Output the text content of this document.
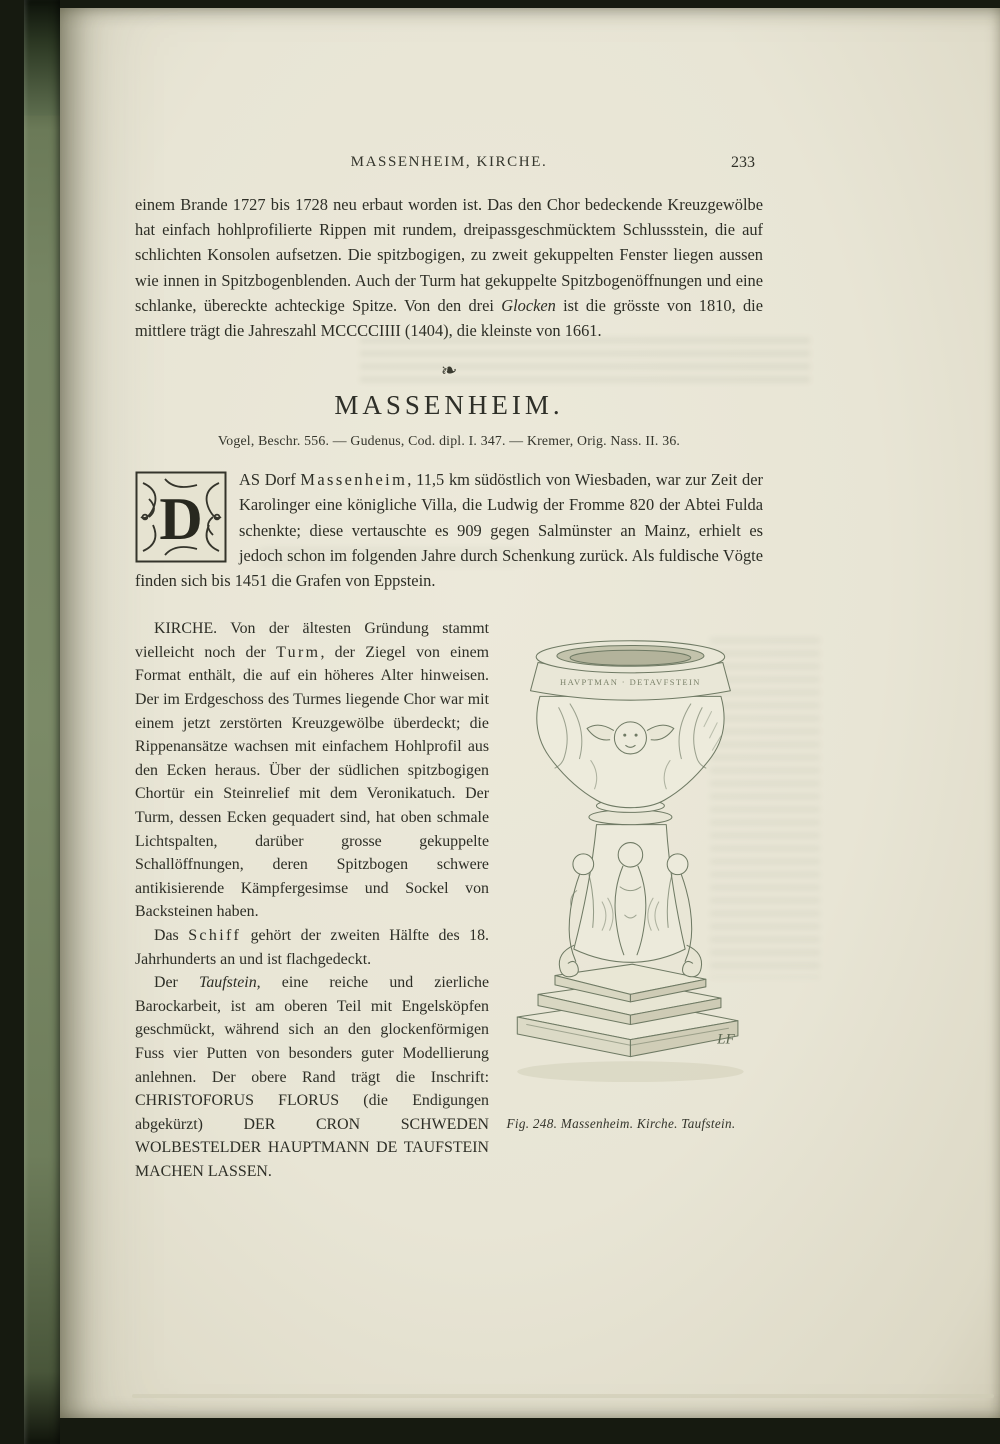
MASSENHEIM, KIRCHE.	233

einem Brande 1727 bis 1728 neu erbaut worden ist. Das den Chor bedeckende Kreuzgewölbe hat einfach hohlprofilierte Rippen mit rundem, dreipassgeschmücktem Schlussstein, die auf schlichten Konsolen aufsetzen. Die spitzbogigen, zu zweit gekuppelten Fenster liegen aussen wie innen in Spitzbogenblenden. Auch der Turm hat gekuppelte Spitzbogenöffnungen und eine schlanke, übereckte achteckige Spitze. Von den drei Glocken ist die grösste von 1810, die mittlere trägt die Jahreszahl MCCCCIIII (1404), die kleinste von 1661.

❧
MASSENHEIM.
Vogel, Beschr. 556. — Gudenus, Cod. dipl. I. 347. — Kremer, Orig. Nass. II. 36.

D
AS Dorf Massenheim, 11,5 km südöstlich von Wiesbaden, war zur Zeit der Karolinger eine königliche Villa, die Ludwig der Fromme 820 der Abtei Fulda schenkte; diese vertauschte es 909 gegen Salmünster an Mainz, erhielt es jedoch schon im folgenden Jahre durch Schenkung zurück. Als fuldische Vögte finden sich bis 1451 die Grafen von Eppstein.

KIRCHE. Von der ältesten Gründung stammt vielleicht noch der Turm, der Ziegel von einem Format enthält, die auf ein höheres Alter hinweisen. Der im Erdgeschoss des Turmes liegende Chor war mit einem jetzt zerstörten Kreuzgewölbe überdeckt; die Rippenansätze wachsen mit einfachem Hohlprofil aus den Ecken heraus. Über der südlichen spitzbogigen Chortür ein Steinrelief mit dem Veronikatuch. Der Turm, dessen Ecken gequadert sind, hat oben schmale Lichtspalten, darüber grosse gekuppelte Schallöffnungen, deren Spitzbogen schwere antikisierende Kämpfergesimse und Sockel von Backsteinen haben.

Das Schiff gehört der zweiten Hälfte des 18. Jahrhunderts an und ist flachgedeckt.

Der Taufstein, eine reiche und zierliche Barockarbeit, ist am oberen Teil mit Engelsköpfen geschmückt, während sich an den glockenförmigen Fuss vier Putten von besonders guter Modellierung anlehnen. Der obere Rand trägt die Inschrift: CHRISTOFORUS FLORUS (die Endigungen abgekürzt) DER CRON SCHWEDEN WOLBESTELDER HAUPTMANN DE TAUFSTEIN MACHEN LASSEN.

HAVPTMAN · DETAVFSTEIN
LF
Fig. 248. Massenheim. Kirche. Taufstein.
